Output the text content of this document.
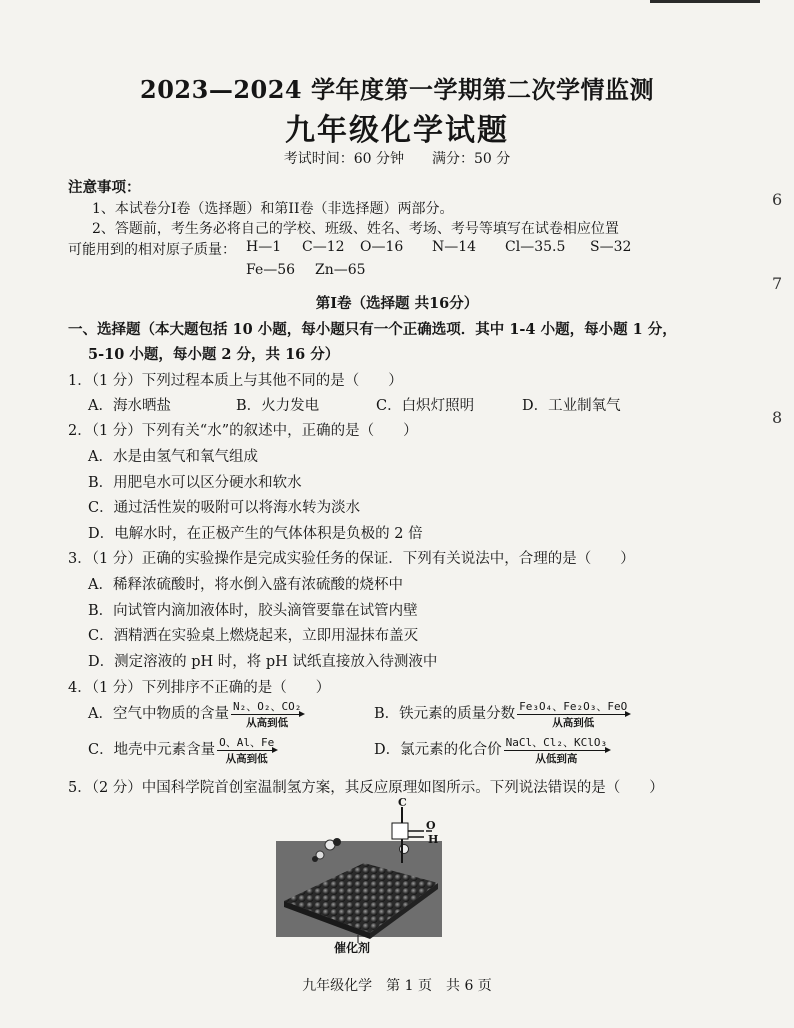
2023—2024 学年度第一学期第二次学情监测
九年级化学试题
考试时间：60 分钟　　满分：50 分
注意事项：
1、本试卷分I卷（选择题）和第II卷（非选择题）两部分。
2、答题前，考生务必将自己的学校、班级、姓名、考场、考号等填写在试卷相应位置
可能用到的相对原子质量： H—1 C—12 O—16 N—14 Cl—35.5 S—32
Fe—56 Zn—65
第I卷（选择题 共16分）
一、选择题（本大题包括 10 小题，每小题只有一个正确选项．其中 1-4 小题，每小题 1 分，
5-10 小题，每小题 2 分，共 16 分）
1．（1 分）下列过程本质上与其他不同的是（　　）
A．海水晒盐	B．火力发电	C．白炽灯照明	D．工业制氧气
2．（1 分）下列有关“水”的叙述中，正确的是（　　）
A．水是由氢气和氧气组成
B．用肥皂水可以区分硬水和软水
C．通过活性炭的吸附可以将海水转为淡水
D．电解水时，在正极产生的气体体积是负极的 2 倍
3．（1 分）正确的实验操作是完成实验任务的保证．下列有关说法中，合理的是（　　）
A．稀释浓硫酸时，将水倒入盛有浓硫酸的烧杯中
B．向试管内滴加液体时，胶头滴管要靠在试管内壁
C．酒精洒在实验桌上燃烧起来，立即用湿抹布盖灭
D．测定溶液的 pH 时，将 pH 试纸直接放入待测液中
4．（1 分）下列排序不正确的是（　　）
A．空气中物质的含量 $\frac{\text{N₂、O₂、CO₂}}{\text{从高到低}}$	B．铁元素的质量分数 $\frac{\text{Fe₃O₄、Fe₂O₃、FeO}}{\text{从高到低}}$
C．地壳中元素含量 $\frac{O、Al、Fe}{\text{从高到低}}$	D．氯元素的化合价 $\frac{\text{NaCl、Cl₂、KClO₃}}{\text{从低到高}}$
5．（2 分）中国科学院首创室温制氢方案，其反应原理如图所示。下列说法错误的是（　　）
C
O
H
催化剂
6
7
8
九年级化学　第 1 页　共 6 页
